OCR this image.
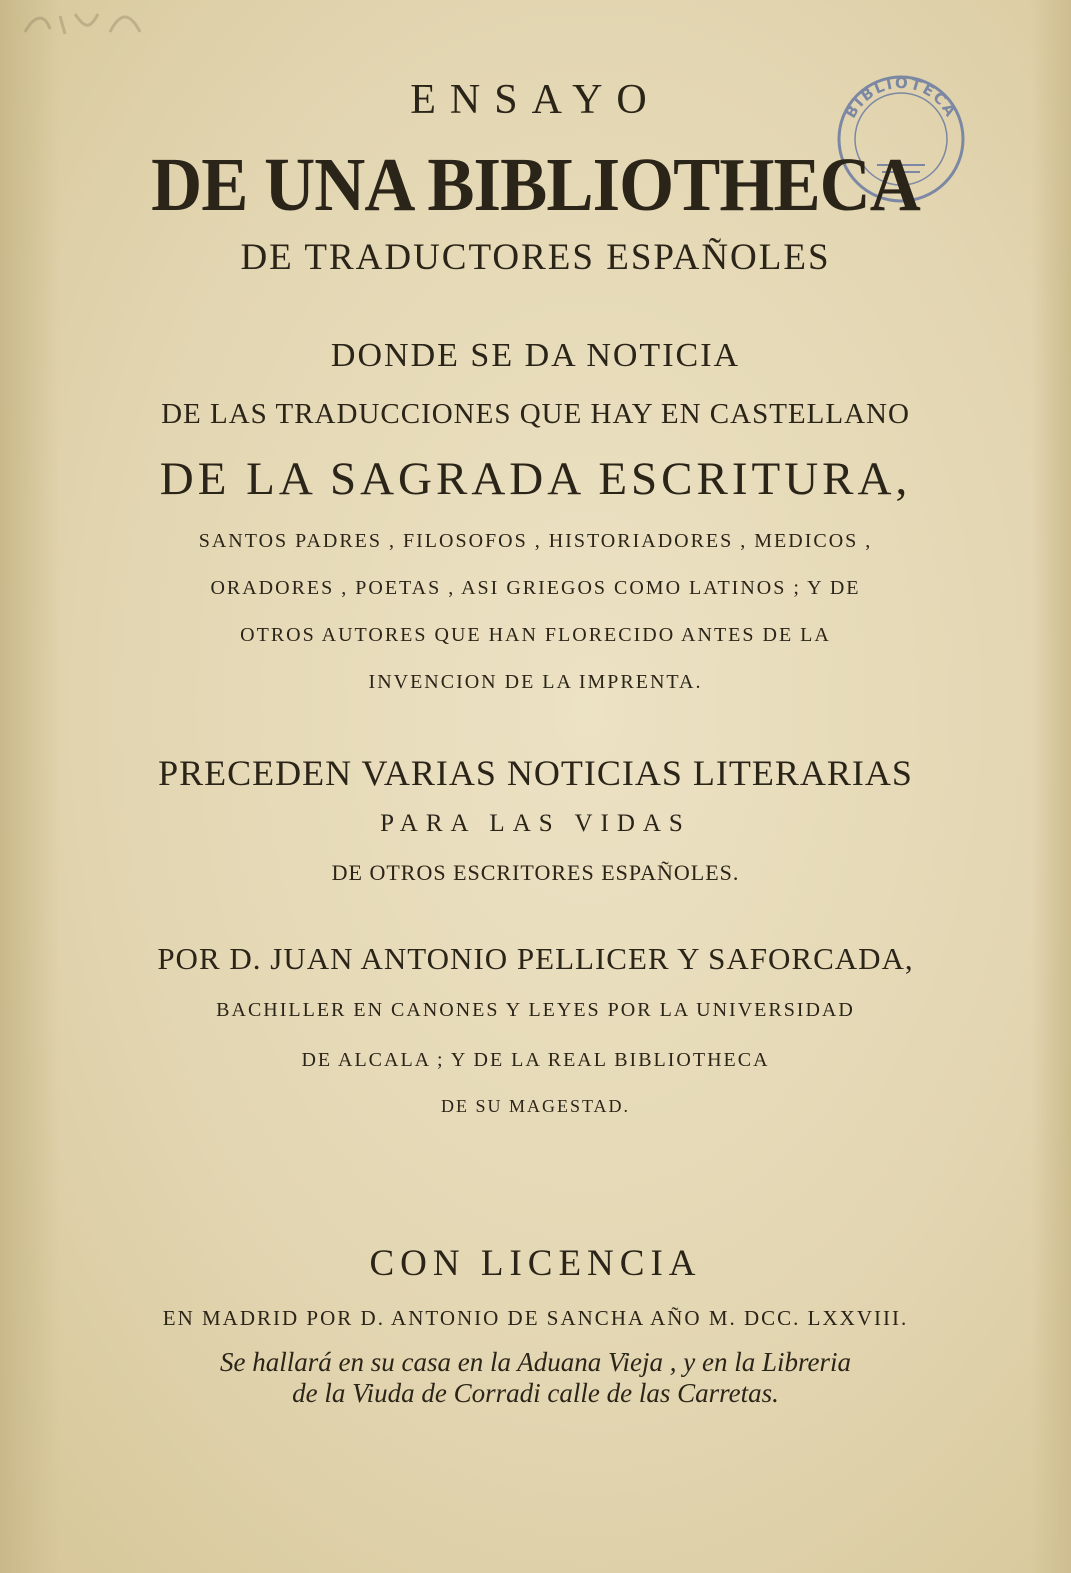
BIBLIOTECA

ENSAYO

DE UNA BIBLIOTHECA

DE TRADUCTORES ESPAÑOLES

DONDE SE DA NOTICIA

DE LAS TRADUCCIONES QUE HAY EN CASTELLANO

DE LA SAGRADA ESCRITURA,

SANTOS PADRES , FILOSOFOS , HISTORIADORES , MEDICOS ,

ORADORES , POETAS , ASI GRIEGOS COMO LATINOS ; Y DE

OTROS AUTORES QUE HAN FLORECIDO ANTES DE LA

INVENCION DE LA IMPRENTA.

PRECEDEN VARIAS NOTICIAS LITERARIAS

PARA LAS VIDAS

DE OTROS ESCRITORES ESPAÑOLES.

POR D. JUAN ANTONIO PELLICER Y SAFORCADA,

BACHILLER EN CANONES Y LEYES POR LA UNIVERSIDAD

DE ALCALA ; Y DE LA REAL BIBLIOTHECA

DE SU MAGESTAD.

CON LICENCIA

EN MADRID POR D. ANTONIO DE SANCHA AÑO M. DCC. LXXVIII.

Se hallará en su casa en la Aduana Vieja , y en la Libreria

de la Viuda de Corradi calle de las Carretas.
